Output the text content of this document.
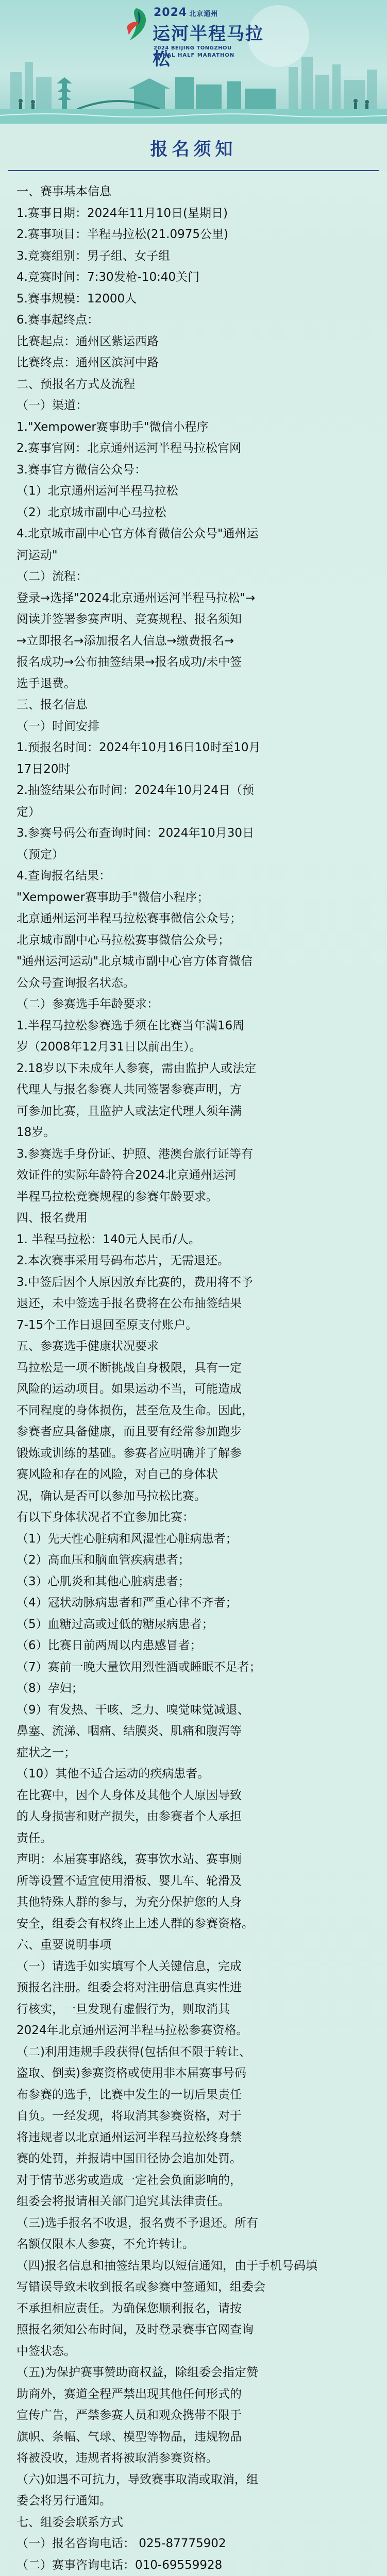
2024 北京通州
运河半程马拉松
2024 BEIJING TONGZHOU
CANAL HALF MARATHON
报名须知

一、赛事基本信息

1.赛事日期：2024年11月10日(星期日)

2.赛事项目：半程马拉松(21.0975公里)

3.竞赛组别：男子组、女子组

4.竞赛时间：7:30发枪-10:40关门

5.赛事规模：12000人

6.赛事起终点：

比赛起点：通州区紫运西路

比赛终点：通州区滨河中路

二、预报名方式及流程

（一）渠道：

1."Xempower赛事助手"微信小程序

2.赛事官网：北京通州运河半程马拉松官网

3.赛事官方微信公众号：

（1）北京通州运河半程马拉松

（2）北京城市副中心马拉松

4.北京城市副中心官方体育微信公众号"通州运

河运动"

（二）流程：

登录→选择"2024北京通州运河半程马拉松"→

阅读并签署参赛声明、竞赛规程、报名须知

→立即报名→添加报名人信息→缴费报名→

报名成功→公布抽签结果→报名成功/未中签

选手退费。

三、报名信息

（一）时间安排

1.预报名时间：2024年10月16日10时至10月

17日20时

2.抽签结果公布时间：2024年10月24日（预

定）

3.参赛号码公布查询时间：2024年10月30日

（预定）

4.查询报名结果：

"Xempower赛事助手"微信小程序；

北京通州运河半程马拉松赛事微信公众号；

北京城市副中心马拉松赛事微信公众号；

"通州运河运动"北京城市副中心官方体育微信

公众号查询报名状态。

（二）参赛选手年龄要求：

1.半程马拉松参赛选手须在比赛当年满16周

岁（2008年12月31日以前出生）。

2.18岁以下未成年人参赛，需由监护人或法定

代理人与报名参赛人共同签署参赛声明，方

可参加比赛，且监护人或法定代理人须年满

18岁。

3.参赛选手身份证、护照、港澳台旅行证等有

效证件的实际年龄符合2024北京通州运河

半程马拉松竞赛规程的参赛年龄要求。

四、报名费用

1. 半程马拉松：140元人民币/人。

2.本次赛事采用号码布芯片，无需退还。

3.中签后因个人原因放弃比赛的，费用将不予

退还，未中签选手报名费将在公布抽签结果

7-15个工作日退回至原支付账户。

五、参赛选手健康状况要求

马拉松是一项不断挑战自身极限，具有一定

风险的运动项目。如果运动不当，可能造成

不同程度的身体损伤，甚至危及生命。因此，

参赛者应具备健康，而且要有经常参加跑步

锻炼或训练的基础。参赛者应明确并了解参

赛风险和存在的风险，对自己的身体状

况，确认是否可以参加马拉松比赛。

有以下身体状况者不宜参加比赛：

（1）先天性心脏病和风湿性心脏病患者；

（2）高血压和脑血管疾病患者；

（3）心肌炎和其他心脏病患者；

（4）冠状动脉病患者和严重心律不齐者；

（5）血糖过高或过低的糖尿病患者；

（6）比赛日前两周以内患感冒者；

（7）赛前一晚大量饮用烈性酒或睡眠不足者；

（8）孕妇；

（9）有发热、干咳、乏力、嗅觉味觉减退、

鼻塞、流涕、咽痛、结膜炎、肌痛和腹泻等

症状之一；

（10）其他不适合运动的疾病患者。

在比赛中，因个人身体及其他个人原因导致

的人身损害和财产损失，由参赛者个人承担

责任。

声明：本届赛事路线，赛事饮水站、赛事厕

所等设置不适宜使用滑板、婴儿车、轮滑及

其他特殊人群的参与，为充分保护您的人身

安全，组委会有权终止上述人群的参赛资格。

六、重要说明事项

（一）请选手如实填写个人关键信息，完成

预报名注册。组委会将对注册信息真实性进

行核实，一旦发现有虚假行为，则取消其

2024年北京通州运河半程马拉松参赛资格。

（二)利用违规手段获得(包括但不限于转让、

盗取、倒卖)参赛资格或使用非本届赛事号码

布参赛的选手，比赛中发生的一切后果责任

自负。一经发现，将取消其参赛资格，对于

将违规者以北京通州运河半程马拉松终身禁

赛的处罚，并报请中国田径协会追加处罚。

对于情节恶劣或造成一定社会负面影响的，

组委会将报请相关部门追究其法律责任。

（三)选手报名不收退，报名费不予退还。所有

名额仅限本人参赛，不允许转让。

（四)报名信息和抽签结果均以短信通知，由于手机号码填

写错误导致未收到报名或参赛中签通知，组委会

不承担相应责任。为确保您顺利报名，请按

照报名须知公布时间，及时登录赛事官网查询

中签状态。

（五)为保护赛事赞助商权益，除组委会指定赞

助商外，赛道全程严禁出现其他任何形式的

宣传广告，严禁参赛人员和观众携带不限于

旗帜、条幅、气球、模型等物品，违规物品

将被没收，违规者将被取消参赛资格。

（六)如遇不可抗力，导致赛事取消或取消，组

委会将另行通知。

七、组委会联系方式

（一）报名咨询电话： 025-87775902

（二）赛事咨询电话：010-69559928
